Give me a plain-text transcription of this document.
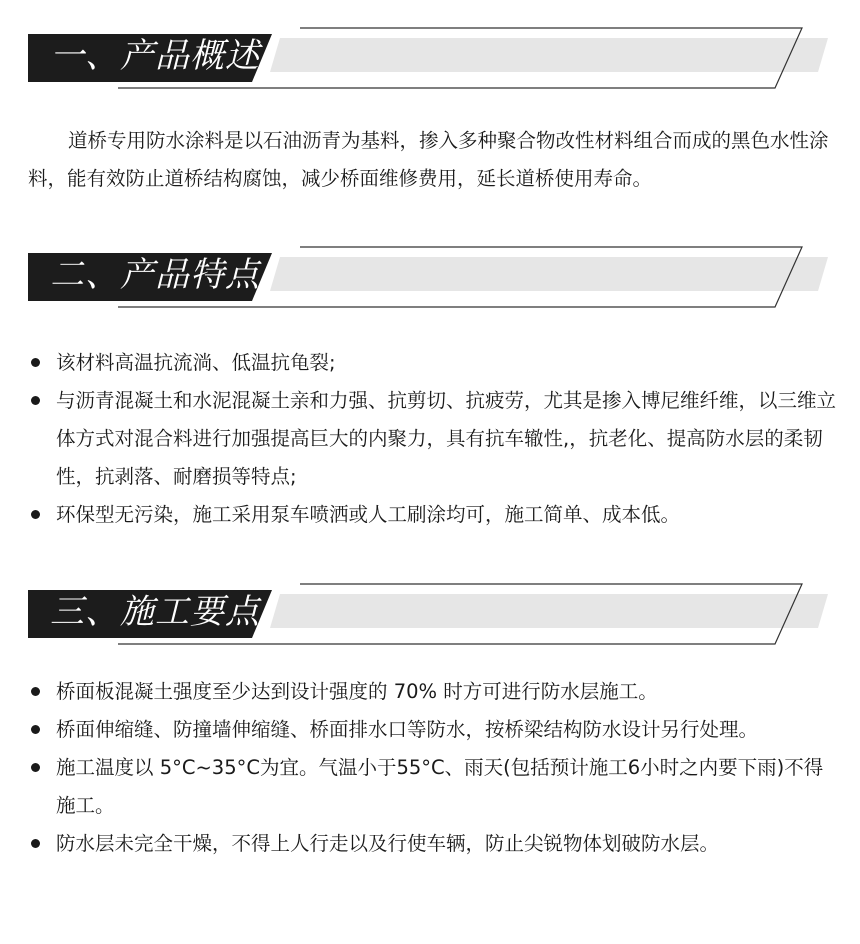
一、产品概述

道桥专用防水涂料是以石油沥青为基料，掺入多种聚合物改性材料组合而成的黑色水性涂料，能有效防止道桥结构腐蚀，减少桥面维修费用，延长道桥使用寿命。

二、产品特点
该材料高温抗流淌、低温抗龟裂;
与沥青混凝土和水泥混凝土亲和力强、抗剪切、抗疲劳，尤其是掺入博尼维纤维，以三维立体方式对混合料进行加强提高巨大的内聚力，具有抗车辙性,，抗老化、提高防水层的柔韧性，抗剥落、耐磨损等特点;
环保型无污染，施工采用泵车喷洒或人工刷涂均可，施工简单、成本低。
三、施工要点
桥面板混凝土强度至少达到设计强度的 70% 时方可进行防水层施工。
桥面伸缩缝、防撞墙伸缩缝、桥面排水口等防水，按桥梁结构防水设计另行处理。
施工温度以 5°C~35°C为宜。气温小于55°C、雨天(包括预计施工6小时之内要下雨)不得施工。
防水层未完全干燥，不得上人行走以及行使车辆，防止尖锐物体划破防水层。
